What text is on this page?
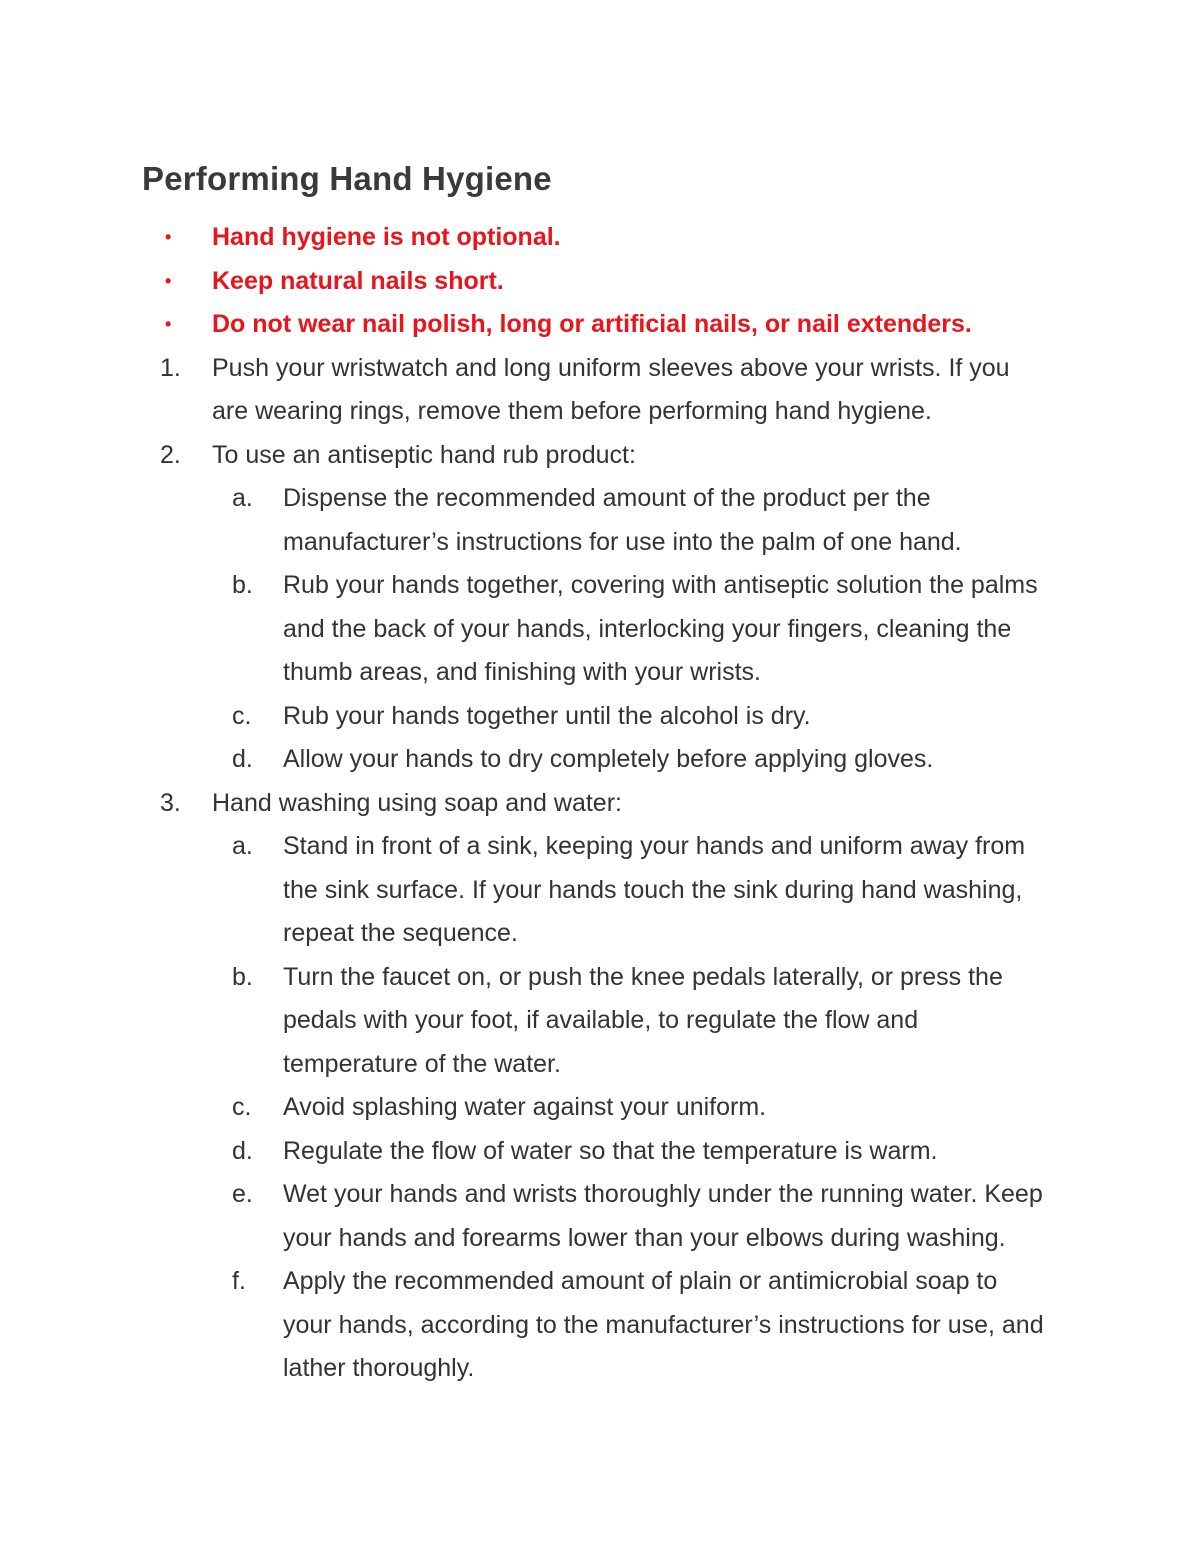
Performing Hand Hygiene
• Hand hygiene is not optional.
• Keep natural nails short.
• Do not wear nail polish, long or artificial nails, or nail extenders.
1. Push your wristwatch and long uniform sleeves above your wrists. If you
are wearing rings, remove them before performing hand hygiene.
2. To use an antiseptic hand rub product:
a. Dispense the recommended amount of the product per the
manufacturer’s instructions for use into the palm of one hand.
b. Rub your hands together, covering with antiseptic solution the palms
and the back of your hands, interlocking your fingers, cleaning the
thumb areas, and finishing with your wrists.
c. Rub your hands together until the alcohol is dry.
d. Allow your hands to dry completely before applying gloves.
3. Hand washing using soap and water:
a. Stand in front of a sink, keeping your hands and uniform away from
the sink surface. If your hands touch the sink during hand washing,
repeat the sequence.
b. Turn the faucet on, or push the knee pedals laterally, or press the
pedals with your foot, if available, to regulate the flow and
temperature of the water.
c. Avoid splashing water against your uniform.
d. Regulate the flow of water so that the temperature is warm.
e. Wet your hands and wrists thoroughly under the running water. Keep
your hands and forearms lower than your elbows during washing.
f. Apply the recommended amount of plain or antimicrobial soap to
your hands, according to the manufacturer’s instructions for use, and
lather thoroughly.
